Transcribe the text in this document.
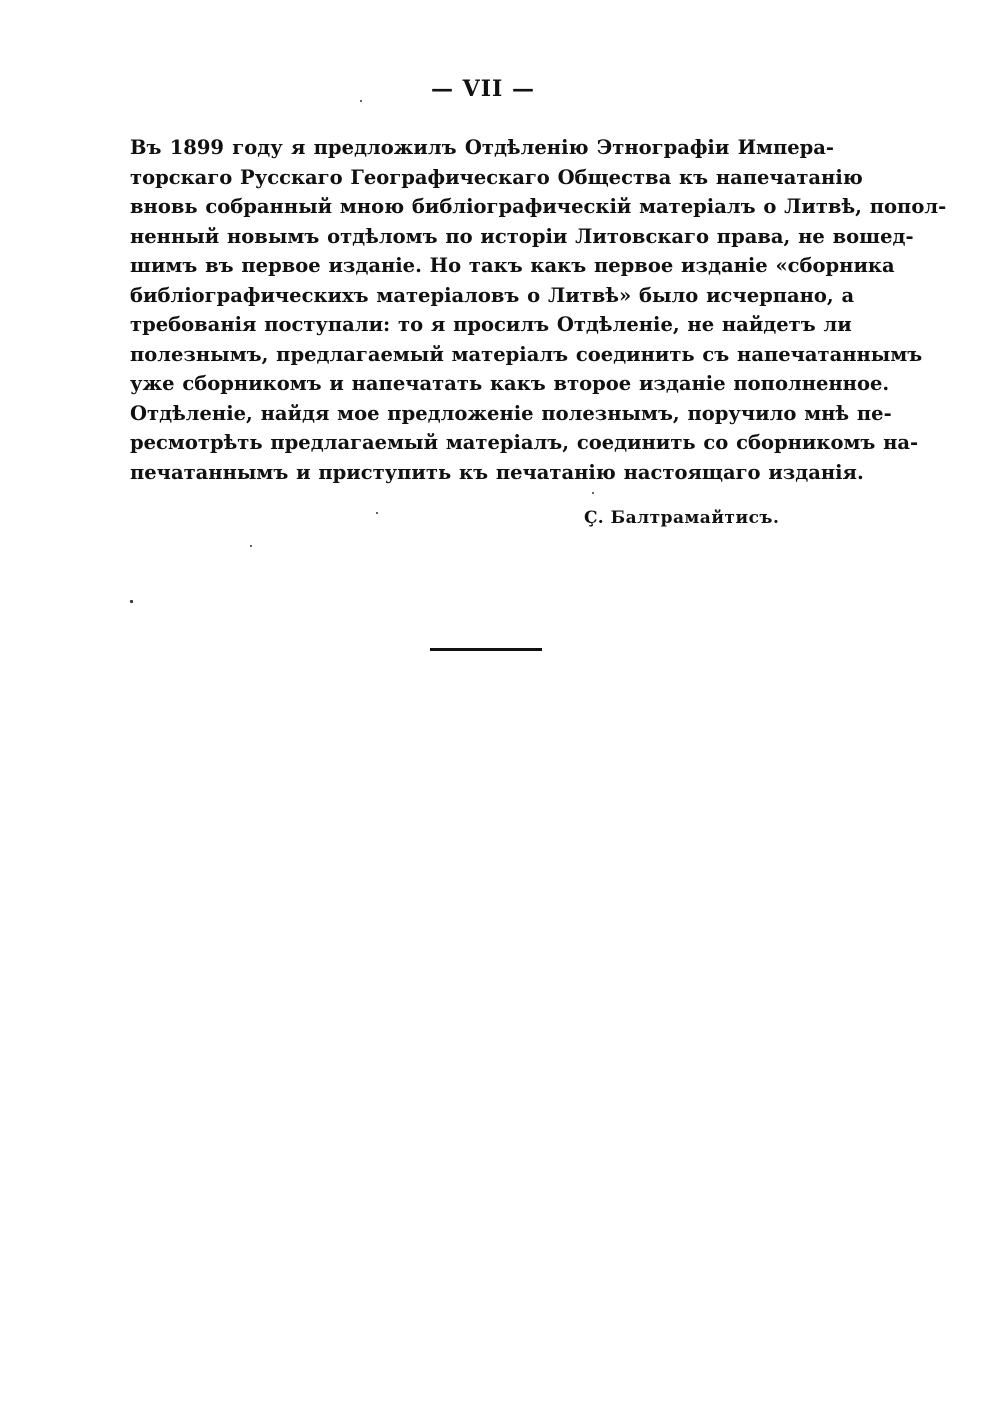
— VII —
Въ 1899 году я предложилъ Отдѣленію Этнографіи Импера-
торскаго Русскаго Географическаго Общества къ напечатанію
вновь собранный мною библіографическій матеріалъ о Литвѣ, попол-
ненный новымъ отдѣломъ по исторіи Литовскаго права, не вошед-
шимъ въ первое изданіе. Но такъ какъ первое изданіе «сборника
библіографическихъ матеріаловъ о Литвѣ» было исчерпано, а
требованія поступали: то я просилъ Отдѣленіе, не найдетъ ли
полезнымъ, предлагаемый матеріалъ соединить съ напечатаннымъ
уже сборникомъ и напечатать какъ второе изданіе пополненное.
Отдѣленіе, найдя мое предложеніе полезнымъ, поручило мнѣ пе-
ресмотрѣть предлагаемый матеріалъ, соединить со сборникомъ на-
печатаннымъ и приступить къ печатанію настоящаго изданія.
Ç. Балтрамайтисъ.
